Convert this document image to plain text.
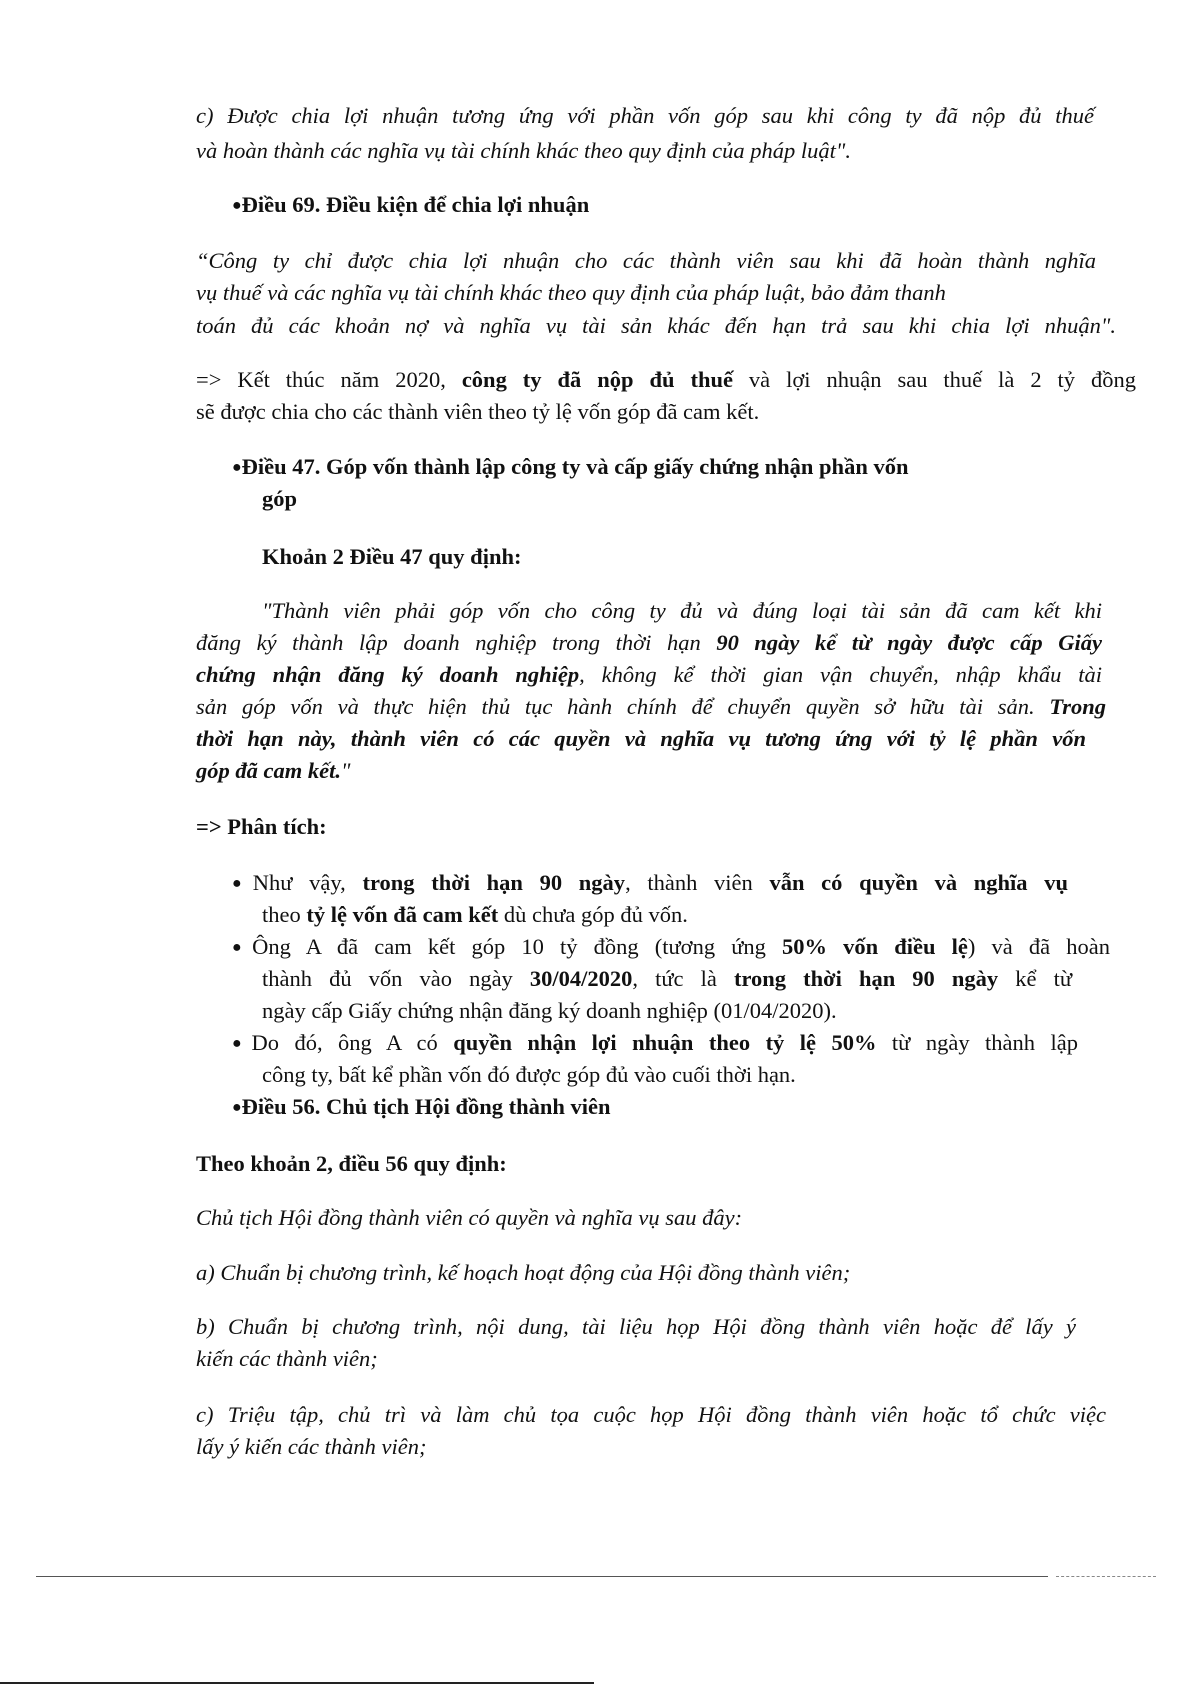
c) Được chia lợi nhuận tương ứng với phần vốn góp sau khi công ty đã nộp đủ thuế
và hoàn thành các nghĩa vụ tài chính khác theo quy định của pháp luật".
●Điều 69. Điều kiện để chia lợi nhuận
“Công ty chỉ được chia lợi nhuận cho các thành viên sau khi đã hoàn thành nghĩa
vụ thuế và các nghĩa vụ tài chính khác theo quy định của pháp luật, bảo đảm thanh
toán đủ các khoản nợ và nghĩa vụ tài sản khác đến hạn trả sau khi chia lợi nhuận".
=> Kết thúc năm 2020, công ty đã nộp đủ thuế và lợi nhuận sau thuế là 2 tỷ đồng
sẽ được chia cho các thành viên theo tỷ lệ vốn góp đã cam kết.
●Điều 47. Góp vốn thành lập công ty và cấp giấy chứng nhận phần vốn
góp
Khoản 2 Điều 47 quy định:
"Thành viên phải góp vốn cho công ty đủ và đúng loại tài sản đã cam kết khi
đăng ký thành lập doanh nghiệp trong thời hạn 90 ngày kể từ ngày được cấp Giấy
chứng nhận đăng ký doanh nghiệp, không kể thời gian vận chuyển, nhập khẩu tài
sản góp vốn và thực hiện thủ tục hành chính để chuyển quyền sở hữu tài sản. Trong
thời hạn này, thành viên có các quyền và nghĩa vụ tương ứng với tỷ lệ phần vốn
góp đã cam kết."
=> Phân tích:
●Như vậy, trong thời hạn 90 ngày, thành viên vẫn có quyền và nghĩa vụ
theo tỷ lệ vốn đã cam kết dù chưa góp đủ vốn.
●Ông A đã cam kết góp 10 tỷ đồng (tương ứng 50% vốn điều lệ) và đã hoàn
thành đủ vốn vào ngày 30/04/2020, tức là trong thời hạn 90 ngày kể từ
ngày cấp Giấy chứng nhận đăng ký doanh nghiệp (01/04/2020).
●Do đó, ông A có quyền nhận lợi nhuận theo tỷ lệ 50% từ ngày thành lập
công ty, bất kể phần vốn đó được góp đủ vào cuối thời hạn.
●Điều 56. Chủ tịch Hội đồng thành viên
Theo khoản 2, điều 56 quy định:
Chủ tịch Hội đồng thành viên có quyền và nghĩa vụ sau đây:
a) Chuẩn bị chương trình, kế hoạch hoạt động của Hội đồng thành viên;
b) Chuẩn bị chương trình, nội dung, tài liệu họp Hội đồng thành viên hoặc để lấy ý
kiến các thành viên;
c) Triệu tập, chủ trì và làm chủ tọa cuộc họp Hội đồng thành viên hoặc tổ chức việc
lấy ý kiến các thành viên;
